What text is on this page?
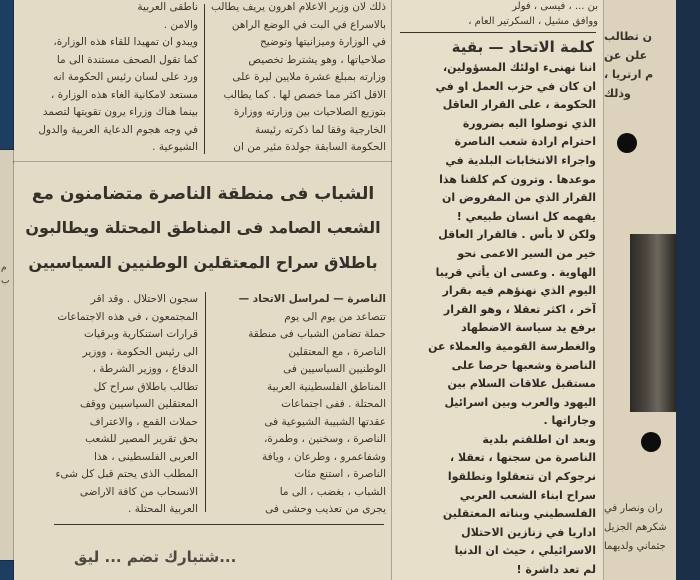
م
ب

ناطقى العربية

والامن .

ويبدو ان تمهيدا للقاء هذه الوزارة،

كما تقول الصحف مستندة الى ما

ورد على لسان رئيس الحكومة انه

مستعد لامكانية الغاء هذه الوزارة ،

بينما هناك وزراء يرون تقويتها لتصمد

في وجه هجوم الدعاية العربية والدول

الشيوعية .

ذلك لان وزير الاعلام اهرون يريف يطالب

بالاسراع في البت في الوضع الراهن

في الوزارة وميزانيتها وتوضيح

صلاحياتها ، وهو يشترط تخصيص

وزارته بمبلغ عشرة ملايين ليرة على

الاقل اكثر مما خصص لها . كما يطالب

بتوزيع الصلاحيات بين وزارته ووزارة

الخارجية وفقا لما ذكرته رئيسة

الحكومة السابقة جولدة مئير من ان

الشباب فى منطقة الناصرة متضامنون مع
الشعب الصامد فى المناطق المحتلة ويطالبون
باطلاق سراح المعتقلين الوطنيين السياسيين

سجون الاحتلال . وقد اقر

المجتمعون ، فى هذه الاجتماعات

قرارات استنكارية وبرقيات

الى رئيس الحكومة ، ووزير

الدفاع ، ووزير الشرطة ،

تطالب باطلاق سراح كل

المعتقلين السياسيين ووقف

حملات القمع ، والاعتراف

بحق تقرير المصير للشعب

العربى الفلسطينى ، هذا

المطلب الذى يحتم قبل كل شىء

الانسحاب من كافة الاراضى

العربية المحتلة .

الناصرة — لمراسل الاتحاد —

تتصاعد من يوم الى يوم

حملة تضامن الشباب فى منطقة

الناصرة ، مع المعتقلين

الوطنيين السياسيين فى

المناطق الفلسطينية العربية

المحتلة . ففى اجتماعات

عقدتها الشبيبة الشيوعية فى

الناصرة ، وسخنين ، وطمرة،

وشفاعمرو ، وطرعان ، ويافة

الناصرة ، استنع مئات

الشباب ، بغضب ، الى ما

يجرى من تعذيب وحشى فى

...شتبارك تضم ... ليق

بن ... ، فيسى ، فولر

ووافق مشيل ، السكرتير العام ،

كلمة الاتحاد — بقية

اننا نهنىء اولئك المسؤولين،

ان كان في حزب العمل او في

الحكومة ، على القرار العاقل

الذي توصلوا اليه بضرورة

احترام ارادة شعب الناصرة

واجراء الانتخابات البلدية في

موعدها . وترون كم كلفنا هذا

القرار الذي من المفروض ان

يفهمه كل انسان طبيعي !

ولكن لا بأس . فالقرار العاقل

خير من السير الاعمى نحو

الهاوية . وعسى ان يأتي قريبا

اليوم الذي نهنؤهم فيه بقرار

آخر ، اكثر تعقلا ، وهو القرار

برفع يد سياسة الاضطهاد

والغطرسة القومية والعملاء عن

الناصرة وشعبها حرصا على

مستقبل علاقات السلام بين

اليهود والعرب وبين اسرائيل

وجاراتها .

وبعد ان اطلقتم بلدية

الناصرة من سجنها ، تعقلا ،

نرجوكم ان تتعقلوا وتطلقوا

سراح ابناء الشعب العربي

الفلسطيني وبناته المعتقلين

اداريا في زنازين الاحتلال

الاسرائيلي ، حيث ان الدنيا

لم تعد داشرة !

ن تطالب

علن عن

م ارتريا ،

وذلك

ران ونصار في

شكرهم الجزيل

جثماني ولديهما
